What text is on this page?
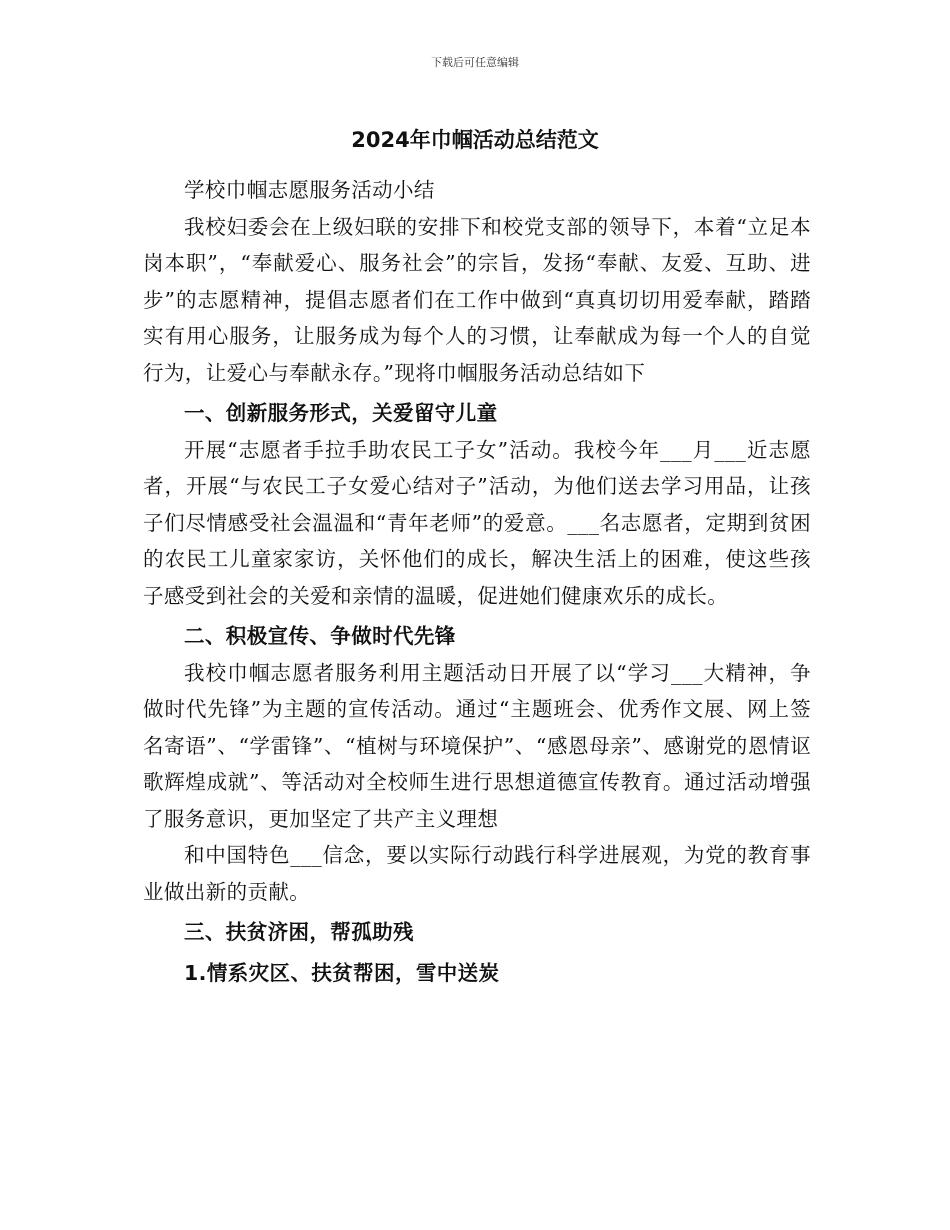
下载后可任意编辑
2024年巾帼活动总结范文

学校巾帼志愿服务活动小结

我校妇委会在上级妇联的安排下和校党支部的领导下，本着“立足本岗本职”，“奉献爱心、服务社会”的宗旨，发扬“奉献、友爱、互助、进步”的志愿精神，提倡志愿者们在工作中做到“真真切切用爱奉献，踏踏实有用心服务，让服务成为每个人的习惯，让奉献成为每一个人的自觉行为，让爱心与奉献永存。”现将巾帼服务活动总结如下

一、创新服务形式，关爱留守儿童

开展“志愿者手拉手助农民工子女”活动。我校今年___月___近志愿者，开展“与农民工子女爱心结对子”活动，为他们送去学习用品，让孩子们尽情感受社会温温和“青年老师”的爱意。___名志愿者，定期到贫困的农民工儿童家家访，关怀他们的成长，解决生活上的困难，使这些孩子感受到社会的关爱和亲情的温暖，促进她们健康欢乐的成长。

二、积极宣传、争做时代先锋

我校巾帼志愿者服务利用主题活动日开展了以“学习___大精神，争做时代先锋”为主题的宣传活动。通过“主题班会、优秀作文展、网上签名寄语”、“学雷锋”、“植树与环境保护”、“感恩母亲”、感谢党的恩情讴歌辉煌成就”、等活动对全校师生进行思想道德宣传教育。通过活动增强了服务意识，更加坚定了共产主义理想

和中国特色___信念，要以实际行动践行科学进展观，为党的教育事业做出新的贡献。

三、扶贫济困，帮孤助残

1.情系灾区、扶贫帮困，雪中送炭
